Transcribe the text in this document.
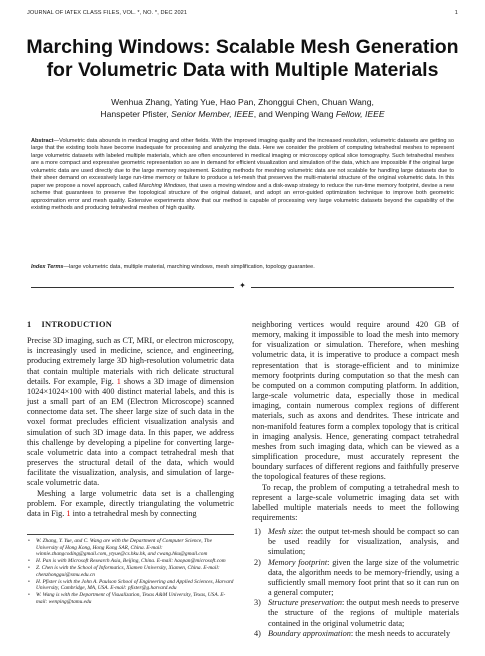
JOURNAL OF IATEX CLASS FILES, VOL. *, NO. *, DEC 2021	1
Marching Windows: Scalable Mesh Generation for Volumetric Data with Multiple Materials
Wenhua Zhang, Yating Yue, Hao Pan, Zhonggui Chen, Chuan Wang,
Hanspeter Pfister, Senior Member, IEEE, and Wenping Wang Fellow, IEEE
Abstract—Volumetric data abounds in medical imaging and other fields. With the improved imaging quality and the increased resolution, volumetric datasets are getting so large that the existing tools have become inadequate for processing and analyzing the data. Here we consider the problem of computing tetrahedral meshes to represent large volumetric datasets with labeled multiple materials, which are often encountered in medical imaging or microscopy optical slice tomography. Such tetrahedral meshes are a more compact and expressive geometric representation so are in demand for efficient visualization and simulation of the data, which are impossible if the original large volumetric data are used directly due to the large memory requirement. Existing methods for meshing volumetric data are not scalable for handling large datasets due to their sheer demand on excessively large run-time memory or failure to produce a tet-mesh that preserves the multi-material structure of the original volumetric data. In this paper we propose a novel approach, called Marching Windows, that uses a moving window and a disk-swap strategy to reduce the run-time memory footprint, devise a new scheme that guarantees to preserve the topological structure of the original dataset, and adopt an error-guided optimization technique to improve both geometric approximation error and mesh quality. Extensive experiments show that our method is capable of processing very large volumetric datasets beyond the capability of the existing methods and producing tetrahedral meshes of high quality.
Index Terms—large volumetric data, multiple material, marching windows, mesh simplification, topology guarantee.
✦
1 INTRODUCTION

Precise 3D imaging, such as CT, MRI, or electron microscopy, is increasingly used in medicine, science, and engineering, producing extremely large 3D high-resolution volumetric data that contain multiple materials with rich delicate structural details. For example, Fig. 1 shows a 3D image of dimension 1024×1024×100 with 400 distinct material labels, and this is just a small part of an EM (Electron Microscope) scanned connectome data set. The sheer large size of such data in the voxel format precludes efficient visualization analysis and simulation of such 3D image data. In this paper, we address this challenge by developing a pipeline for converting large-scale volumetric data into a compact tetrahedral mesh that preserves the structural detail of the data, which would facilitate the visualization, analysis, and simulation of large-scale volumetric data.

Meshing a large volumetric data set is a challenging problem. For example, directly triangulating the volumetric data in Fig. 1 into a tetrahedral mesh by connecting

• W. Zhang, Y. Yue, and C. Wang are with the Department of Computer Science, The University of Hong Kong, Hong Kong SAR, China. E-mail: winnie.zhangcoding@gmail.com, ytyue@cs.hku.hk, and cwang.hku@gmail.com
• H. Pan is with Microsoft Research Asia, Beijing, China. E-mail: haopan@microsoft.com
• Z. Chen is with the School of Informatics, Xiamen University, Xiamen, China. E-mail: chenzhonggui@xmu.edu.cn
• H. Pfister is with the John A. Paulson School of Engineering and Applied Sciences, Harvard University, Cambridge, MA, USA. E-mail: pfister@g.harvard.edu
• W. Wang is with the Department of Visualization, Texas A&M University, Texas, USA. E-mail: wenping@tamu.edu

neighboring vertices would require around 420 GB of memory, making it impossible to load the mesh into memory for visualization or simulation. Therefore, when meshing volumetric data, it is imperative to produce a compact mesh representation that is storage-efficient and to minimize memory footprints during computation so that the mesh can be computed on a common computing platform. In addition, large-scale volumetric data, especially those in medical imaging, contain numerous complex regions of different materials, such as axons and dendrites. These intricate and non-manifold features form a complex topology that is critical in imaging analysis. Hence, generating compact tetrahedral meshes from such imaging data, which can be viewed as a simplification procedure, must accurately represent the boundary surfaces of different regions and faithfully preserve the topological features of these regions.

To recap, the problem of computing a tetrahedral mesh to represent a large-scale volumetric imaging data set with labelled multiple materials needs to meet the following requirements:

1) Mesh size: the output tet-mesh should be compact so can be used readily for visualization, analysis, and simulation;
2) Memory footprint: given the large size of the volumetric data, the algorithm needs to be memory-friendly, using a sufficiently small memory foot print that so it can run on a general computer;
3) Structure preservation: the output mesh needs to preserve the structure of the regions of multiple materials contained in the original volumetric data;
4) Boundary approximation: the mesh needs to accurately
